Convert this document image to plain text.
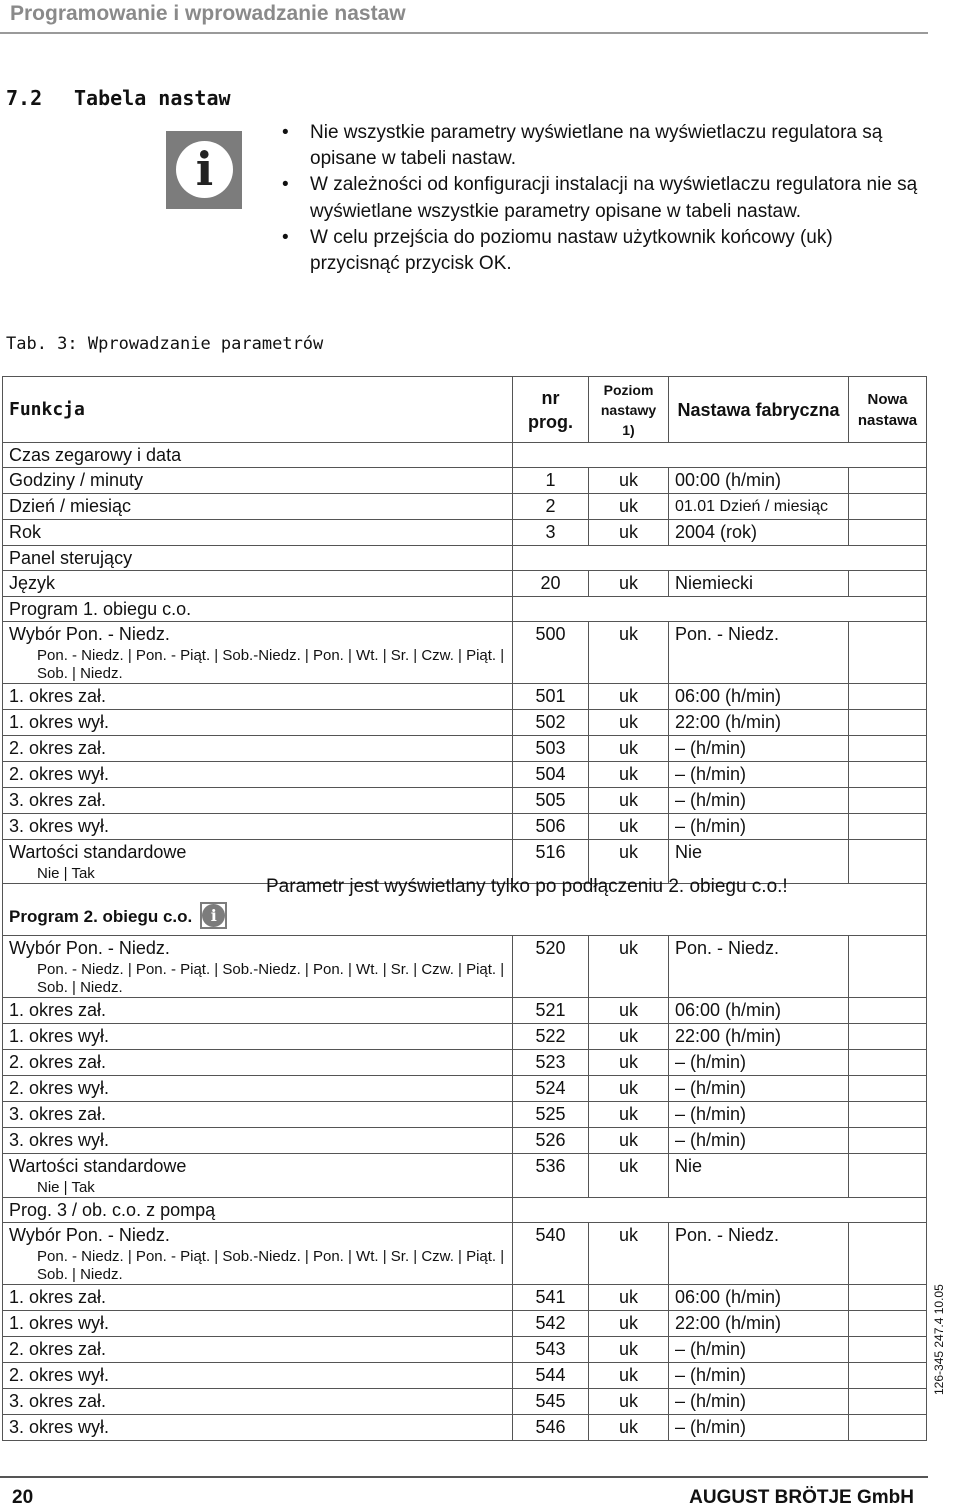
Programowanie i wprowadzanie nastaw
7.2 Tabela nastaw
i
• Nie wszystkie parametry wyświetlane na wyświetlaczu regulatora są opisane w tabeli nastaw.
• W zależności od konfiguracji instalacji na wyświetlaczu regulatora nie są wyświetlane wszystkie parametry opisane w tabeli nastaw.
• W celu przejścia do poziomu nastaw użytkownik końcowy (uk) przycisnąć przycisk OK.
Tab. 3: Wprowadzanie parametrów
Funkcja	nr prog.	Poziom nastawy 1)	Nastawa fabryczna	Nowa nastawa
Czas zegarowy i data				
Godziny / minuty	1	uk	00:00 (h/min)	
Dzień / miesiąc	2	uk	01.01 Dzień / miesiąc	
Rok	3	uk	2004 (rok)	
Panel sterujący				
Język	20	uk	Niemiecki	
Program 1. obiegu c.o.				
Wybór Pon. - Niedz.
Pon. - Niedz. | Pon. - Piąt. | Sob.-Niedz. | Pon. | Wt. | Sr. | Czw. | Piąt. | Sob. | Niedz.	500	uk	Pon. - Niedz.	
1. okres zał.	501	uk	06:00 (h/min)	
1. okres wył.	502	uk	22:00 (h/min)	
2. okres zał.	503	uk	– (h/min)	
2. okres wył.	504	uk	– (h/min)	
3. okres zał.	505	uk	– (h/min)	
3. okres wył.	506	uk	– (h/min)	
Wartości standardowe
Nie | Tak	516	uk	Nie	
Program 2. obiegu c.o. i				

Wybór Pon. - Niedz.
Pon. - Niedz. | Pon. - Piąt. | Sob.-Niedz. | Pon. | Wt. | Sr. | Czw. | Piąt. | Sob. | Niedz.	520	uk	Pon. - Niedz.	
1. okres zał.	521	uk	06:00 (h/min)	
1. okres wył.	522	uk	22:00 (h/min)	
2. okres zał.	523	uk	– (h/min)	
2. okres wył.	524	uk	– (h/min)	
3. okres zał.	525	uk	– (h/min)	
3. okres wył.	526	uk	– (h/min)	
Wartości standardowe
Nie | Tak	536	uk	Nie	
Prog. 3 / ob. c.o. z pompą				
Wybór Pon. - Niedz.
Pon. - Niedz. | Pon. - Piąt. | Sob.-Niedz. | Pon. | Wt. | Sr. | Czw. | Piąt. | Sob. | Niedz.	540	uk	Pon. - Niedz.	
1. okres zał.	541	uk	06:00 (h/min)	
1. okres wył.	542	uk	22:00 (h/min)	
2. okres zał.	543	uk	– (h/min)	
2. okres wył.	544	uk	– (h/min)	
3. okres zał.	545	uk	– (h/min)	
3. okres wył.	546	uk	– (h/min)	
Parametr jest wyświetlany tylko po podłączeniu 2. obiegu c.o.!
20	AUGUST BRÖTJE GmbH
126-345 247.4 10.05
